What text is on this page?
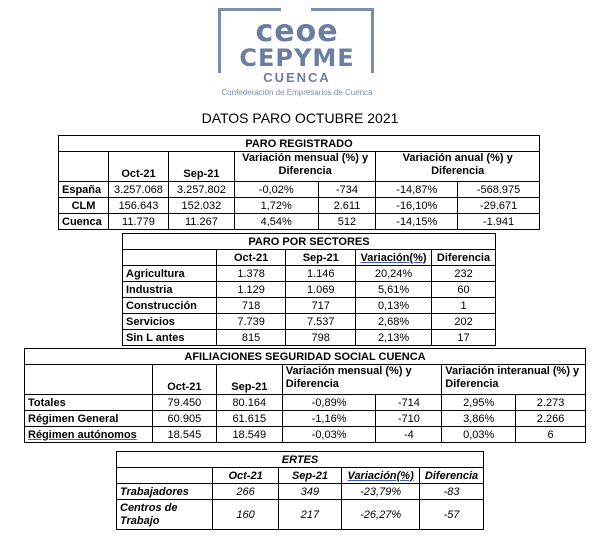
ceoe
CEPYME
CUENCA
Confederación de Empresarios de Cuenca
DATOS PARO OCTUBRE 2021
PARO REGISTRADO						
	Oct-21	Sep-21	Variación mensual (%) y Diferencia		Variación anual (%) y Diferencia	
España	3.257.068	3.257.802	-0,02%	-734	-14,87%	-568.975
CLM	156.643	152.032	1,72%	2.611	-16,10%	-29.671
Cuenca	11.779	11.267	4,54%	512	-14,15%	-1.941
PARO POR SECTORES				
	Oct-21	Sep-21	Variación(%)	Diferencia
Agricultura	1.378	1.146	20,24%	232
Industria	1.129	1.069	5,61%	60
Construcción	718	717	0,13%	1
Servicios	7.739	7.537	2,68%	202
Sin L antes	815	798	2,13%	17
AFILIACIONES SEGURIDAD SOCIAL CUENCA						
	Oct-21	Sep-21	Variación mensual (%) y Diferencia		Variación interanual (%) y Diferencia	
Totales	79.450	80.164	-0,89%	-714	2,95%	2.273
Régimen General	60.905	61.615	-1,16%	-710	3,86%	2.266
Régimen autónomos	18.545	18.549	-0,03%	-4	0,03%	6
ERTES				
	Oct-21	Sep-21	Variación(%)	Diferencia
Trabajadores	266	349	-23,79%	-83
Centros de Trabajo	160	217	-26,27%	-57
